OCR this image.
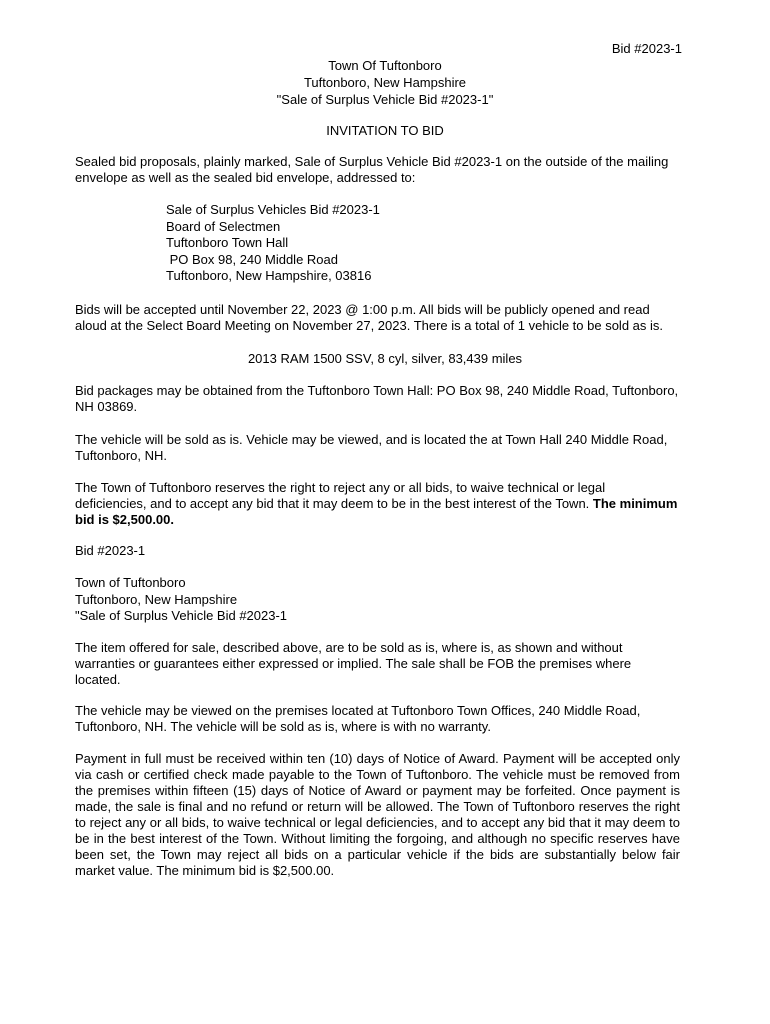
Bid #2023-1
Town Of Tuftonboro
Tuftonboro, New Hampshire
"Sale of Surplus Vehicle Bid #2023-1"
INVITATION TO BID

Sealed bid proposals, plainly marked, Sale of Surplus Vehicle Bid #2023-1 on the outside of the mailing envelope as well as the sealed bid envelope, addressed to:

Sale of Surplus Vehicles Bid #2023-1
Board of Selectmen
Tuftonboro Town Hall
PO Box 98, 240 Middle Road
Tuftonboro, New Hampshire, 03816

Bids will be accepted until November 22, 2023 @ 1:00 p.m. All bids will be publicly opened and read aloud at the Select Board Meeting on November 27, 2023. There is a total of 1 vehicle to be sold as is.

2013 RAM 1500 SSV, 8 cyl, silver, 83,439 miles

Bid packages may be obtained from the Tuftonboro Town Hall: PO Box 98, 240 Middle Road, Tuftonboro, NH 03869.

The vehicle will be sold as is. Vehicle may be viewed, and is located the at Town Hall 240 Middle Road, Tuftonboro, NH.

The Town of Tuftonboro reserves the right to reject any or all bids, to waive technical or legal deficiencies, and to accept any bid that it may deem to be in the best interest of the Town. The minimum bid is $2,500.00.

Bid #2023-1
Town of Tuftonboro
Tuftonboro, New Hampshire
"Sale of Surplus Vehicle Bid #2023-1

The item offered for sale, described above, are to be sold as is, where is, as shown and without warranties or guarantees either expressed or implied. The sale shall be FOB the premises where located.

The vehicle may be viewed on the premises located at Tuftonboro Town Offices, 240 Middle Road, Tuftonboro, NH. The vehicle will be sold as is, where is with no warranty.

Payment in full must be received within ten (10) days of Notice of Award. Payment will be accepted only via cash or certified check made payable to the Town of Tuftonboro. The vehicle must be removed from the premises within fifteen (15) days of Notice of Award or payment may be forfeited. Once payment is made, the sale is final and no refund or return will be allowed. The Town of Tuftonboro reserves the right to reject any or all bids, to waive technical or legal deficiencies, and to accept any bid that it may deem to be in the best interest of the Town. Without limiting the forgoing, and although no specific reserves have been set, the Town may reject all bids on a particular vehicle if the bids are substantially below fair market value. The minimum bid is $2,500.00.
